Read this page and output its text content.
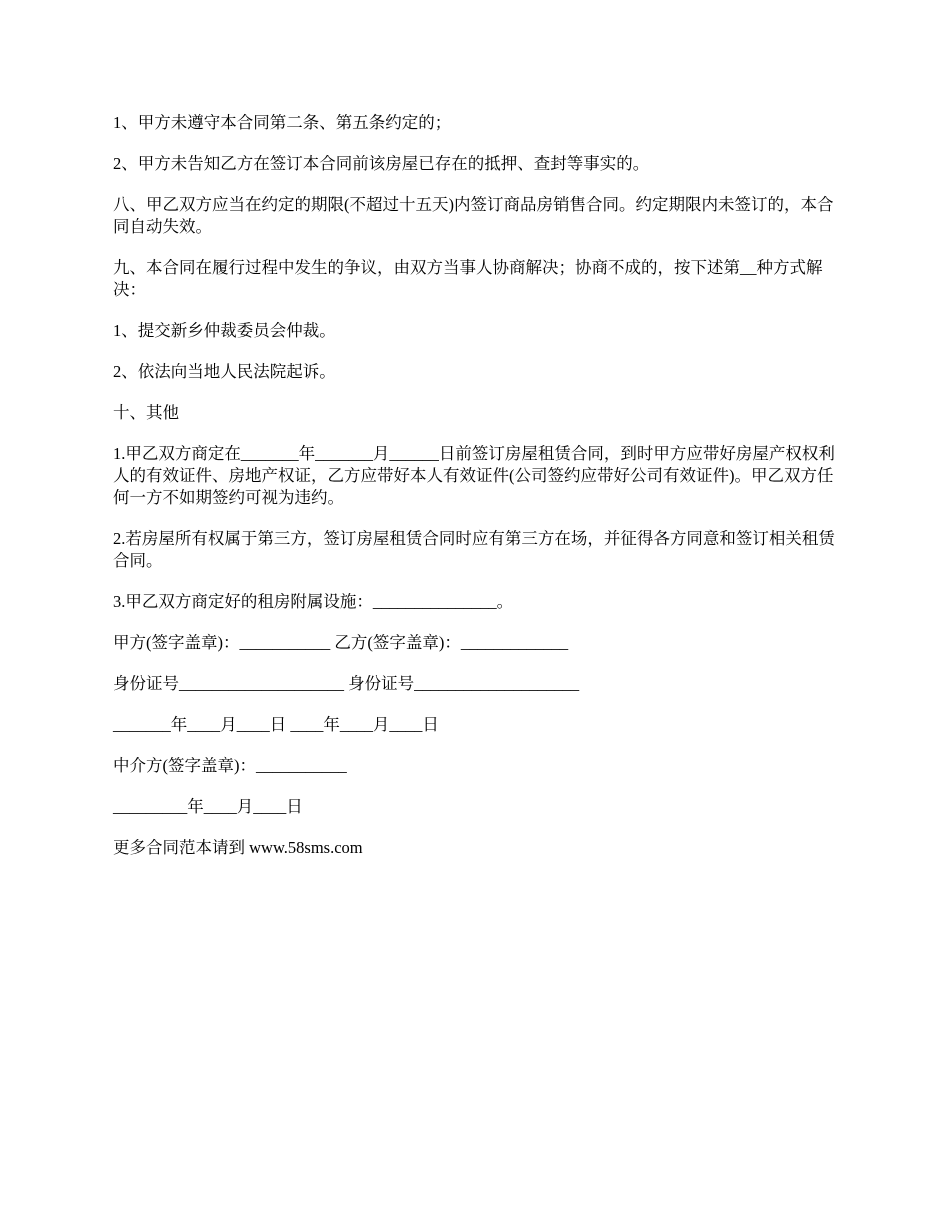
1、甲方未遵守本合同第二条、第五条约定的；

2、甲方未告知乙方在签订本合同前该房屋已存在的抵押、查封等事实的。

八、甲乙双方应当在约定的期限(不超过十五天)内签订商品房销售合同。约定期限内未签订的，本合同自动失效。

九、本合同在履行过程中发生的争议，由双方当事人协商解决；协商不成的，按下述第__种方式解决：

1、提交新乡仲裁委员会仲裁。

2、依法向当地人民法院起诉。

十、其他

1.甲乙双方商定在_______年_______月______日前签订房屋租赁合同，到时甲方应带好房屋产权权利人的有效证件、房地产权证，乙方应带好本人有效证件(公司签约应带好公司有效证件)。甲乙双方任何一方不如期签约可视为违约。

2.若房屋所有权属于第三方，签订房屋租赁合同时应有第三方在场，并征得各方同意和签订相关租赁合同。

3.甲乙双方商定好的租房附属设施：_______________。

甲方(签字盖章)：___________ 乙方(签字盖章)：_____________

身份证号____________________ 身份证号____________________

_______年____月____日 ____年____月____日

中介方(签字盖章)：___________

_________年____月____日

更多合同范本请到 www.58sms.com
